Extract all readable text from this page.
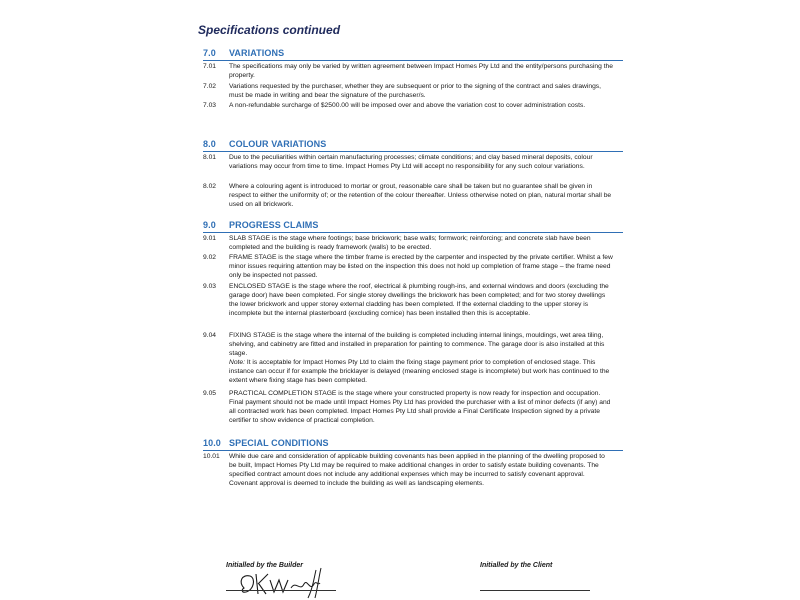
Specifications continued
7.0 VARIATIONS
7.01 The specifications may only be varied by written agreement between Impact Homes Pty Ltd and the entity/persons purchasing the property.
7.02 Variations requested by the purchaser, whether they are subsequent or prior to the signing of the contract and sales drawings, must be made in writing and bear the signature of the purchaser/s.
7.03 A non-refundable surcharge of $2500.00 will be imposed over and above the variation cost to cover administration costs.
8.0 COLOUR VARIATIONS
8.01 Due to the peculiarities within certain manufacturing processes; climate conditions; and clay based mineral deposits, colour variations may occur from time to time. Impact Homes Pty Ltd will accept no responsibility for any such colour variations.
8.02 Where a colouring agent is introduced to mortar or grout, reasonable care shall be taken but no guarantee shall be given in respect to either the uniformity of; or the retention of the colour thereafter. Unless otherwise noted on plan, natural mortar shall be used on all brickwork.
9.0 PROGRESS CLAIMS
9.01 SLAB STAGE is the stage where footings; base brickwork; base walls; formwork; reinforcing; and concrete slab have been completed and the building is ready framework (walls) to be erected.
9.02 FRAME STAGE is the stage where the timber frame is erected by the carpenter and inspected by the private certifier. Whilst a few minor issues requiring attention may be listed on the inspection this does not hold up completion of frame stage – the frame need only be inspected not passed.
9.03 ENCLOSED STAGE is the stage where the roof, electrical & plumbing rough-ins, and external windows and doors (excluding the garage door) have been completed. For single storey dwellings the brickwork has been completed; and for two storey dwellings the lower brickwork and upper storey external cladding has been completed. If the external cladding to the upper storey is incomplete but the internal plasterboard (excluding cornice) has been installed then this is acceptable.
9.04 FIXING STAGE is the stage where the internal of the building is completed including internal linings, mouldings, wet area tiling, shelving, and cabinetry are fitted and installed in preparation for painting to commence. The garage door is also installed at this stage.
Note: It is acceptable for Impact Homes Pty Ltd to claim the fixing stage payment prior to completion of enclosed stage. This instance can occur if for example the bricklayer is delayed (meaning enclosed stage is incomplete) but work has continued to the extent where fixing stage has been completed.
9.05 PRACTICAL COMPLETION STAGE is the stage where your constructed property is now ready for inspection and occupation. Final payment should not be made until Impact Homes Pty Ltd has provided the purchaser with a list of minor defects (if any) and all contracted work has been completed. Impact Homes Pty Ltd shall provide a Final Certificate Inspection signed by a private certifier to show evidence of practical completion.
10.0 SPECIAL CONDITIONS
10.01 While due care and consideration of applicable building covenants has been applied in the planning of the dwelling proposed to be built, Impact Homes Pty Ltd may be required to make additional changes in order to satisfy estate building covenants. The specified contract amount does not include any additional expenses which may be incurred to satisfy covenant approval. Covenant approval is deemed to include the building as well as landscaping elements.
Initialled by the Builder	Initialled by the Client
